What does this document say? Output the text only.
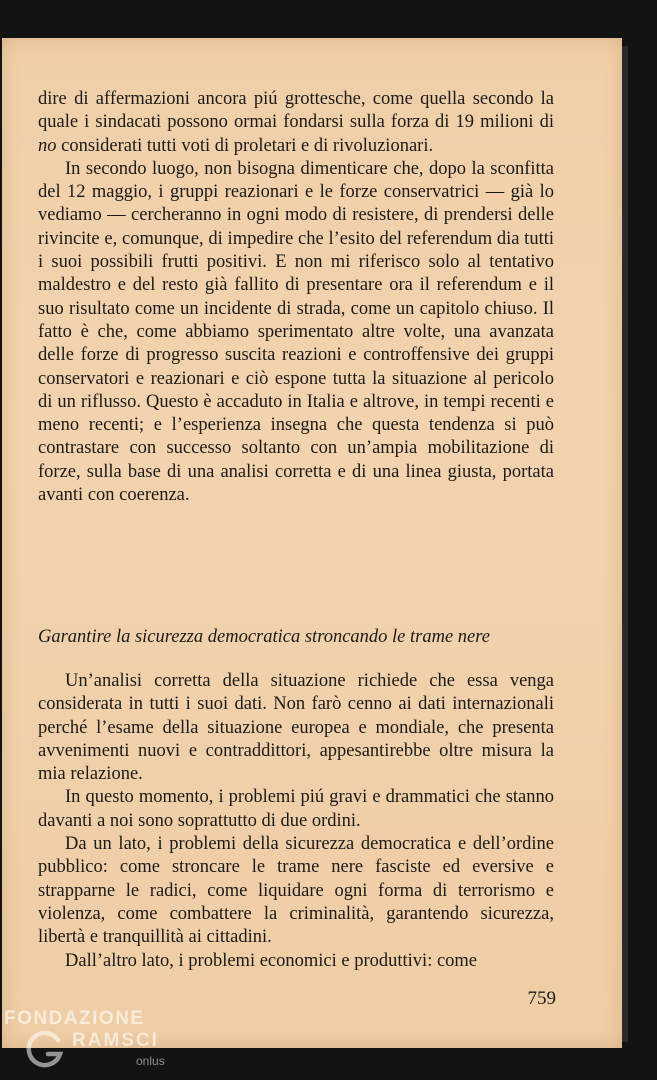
dire di affermazioni ancora piú grottesche, come quella secondo la quale i sindacati possono ormai fondarsi sulla forza di 19 milioni di no considerati tutti voti di proletari e di rivoluzionari.

In secondo luogo, non bisogna dimenticare che, dopo la sconfitta del 12 maggio, i gruppi reazionari e le forze conservatrici — già lo vediamo — cercheranno in ogni modo di resistere, di prendersi delle rivincite e, comunque, di impedire che l’esito del referendum dia tutti i suoi possibili frutti positivi. E non mi riferisco solo al tentativo maldestro e del resto già fallito di presentare ora il referendum e il suo risultato come un incidente di strada, come un capitolo chiuso. Il fatto è che, come abbiamo sperimentato altre volte, una avanzata delle forze di progresso suscita reazioni e controffensive dei gruppi conservatori e reazionari e ciò espone tutta la situazione al pericolo di un riflusso. Questo è accaduto in Italia e altrove, in tempi recenti e meno recenti; e l’esperienza insegna che questa tendenza si può contrastare con successo soltanto con un’ampia mobilitazione di forze, sulla base di una analisi corretta e di una linea giusta, portata avanti con coerenza.

Garantire la sicurezza democratica stroncando le trame nere

Un’analisi corretta della situazione richiede che essa venga considerata in tutti i suoi dati. Non farò cenno ai dati internazionali perché l’esame della situazione europea e mondiale, che presenta avvenimenti nuovi e contraddittori, appesantirebbe oltre misura la mia relazione.

In questo momento, i problemi piú gravi e drammatici che stanno davanti a noi sono soprattutto di due ordini.

Da un lato, i problemi della sicurezza democratica e dell’ordine pubblico: come stroncare le trame nere fasciste ed eversive e strapparne le radici, come liquidare ogni forma di terrorismo e violenza, come combattere la criminalità, garantendo sicurezza, libertà e tranquillità ai cittadini.

Dall’altro lato, i problemi economici e produttivi: come

759
FONDAZIONE
RAMSCI
onlus
